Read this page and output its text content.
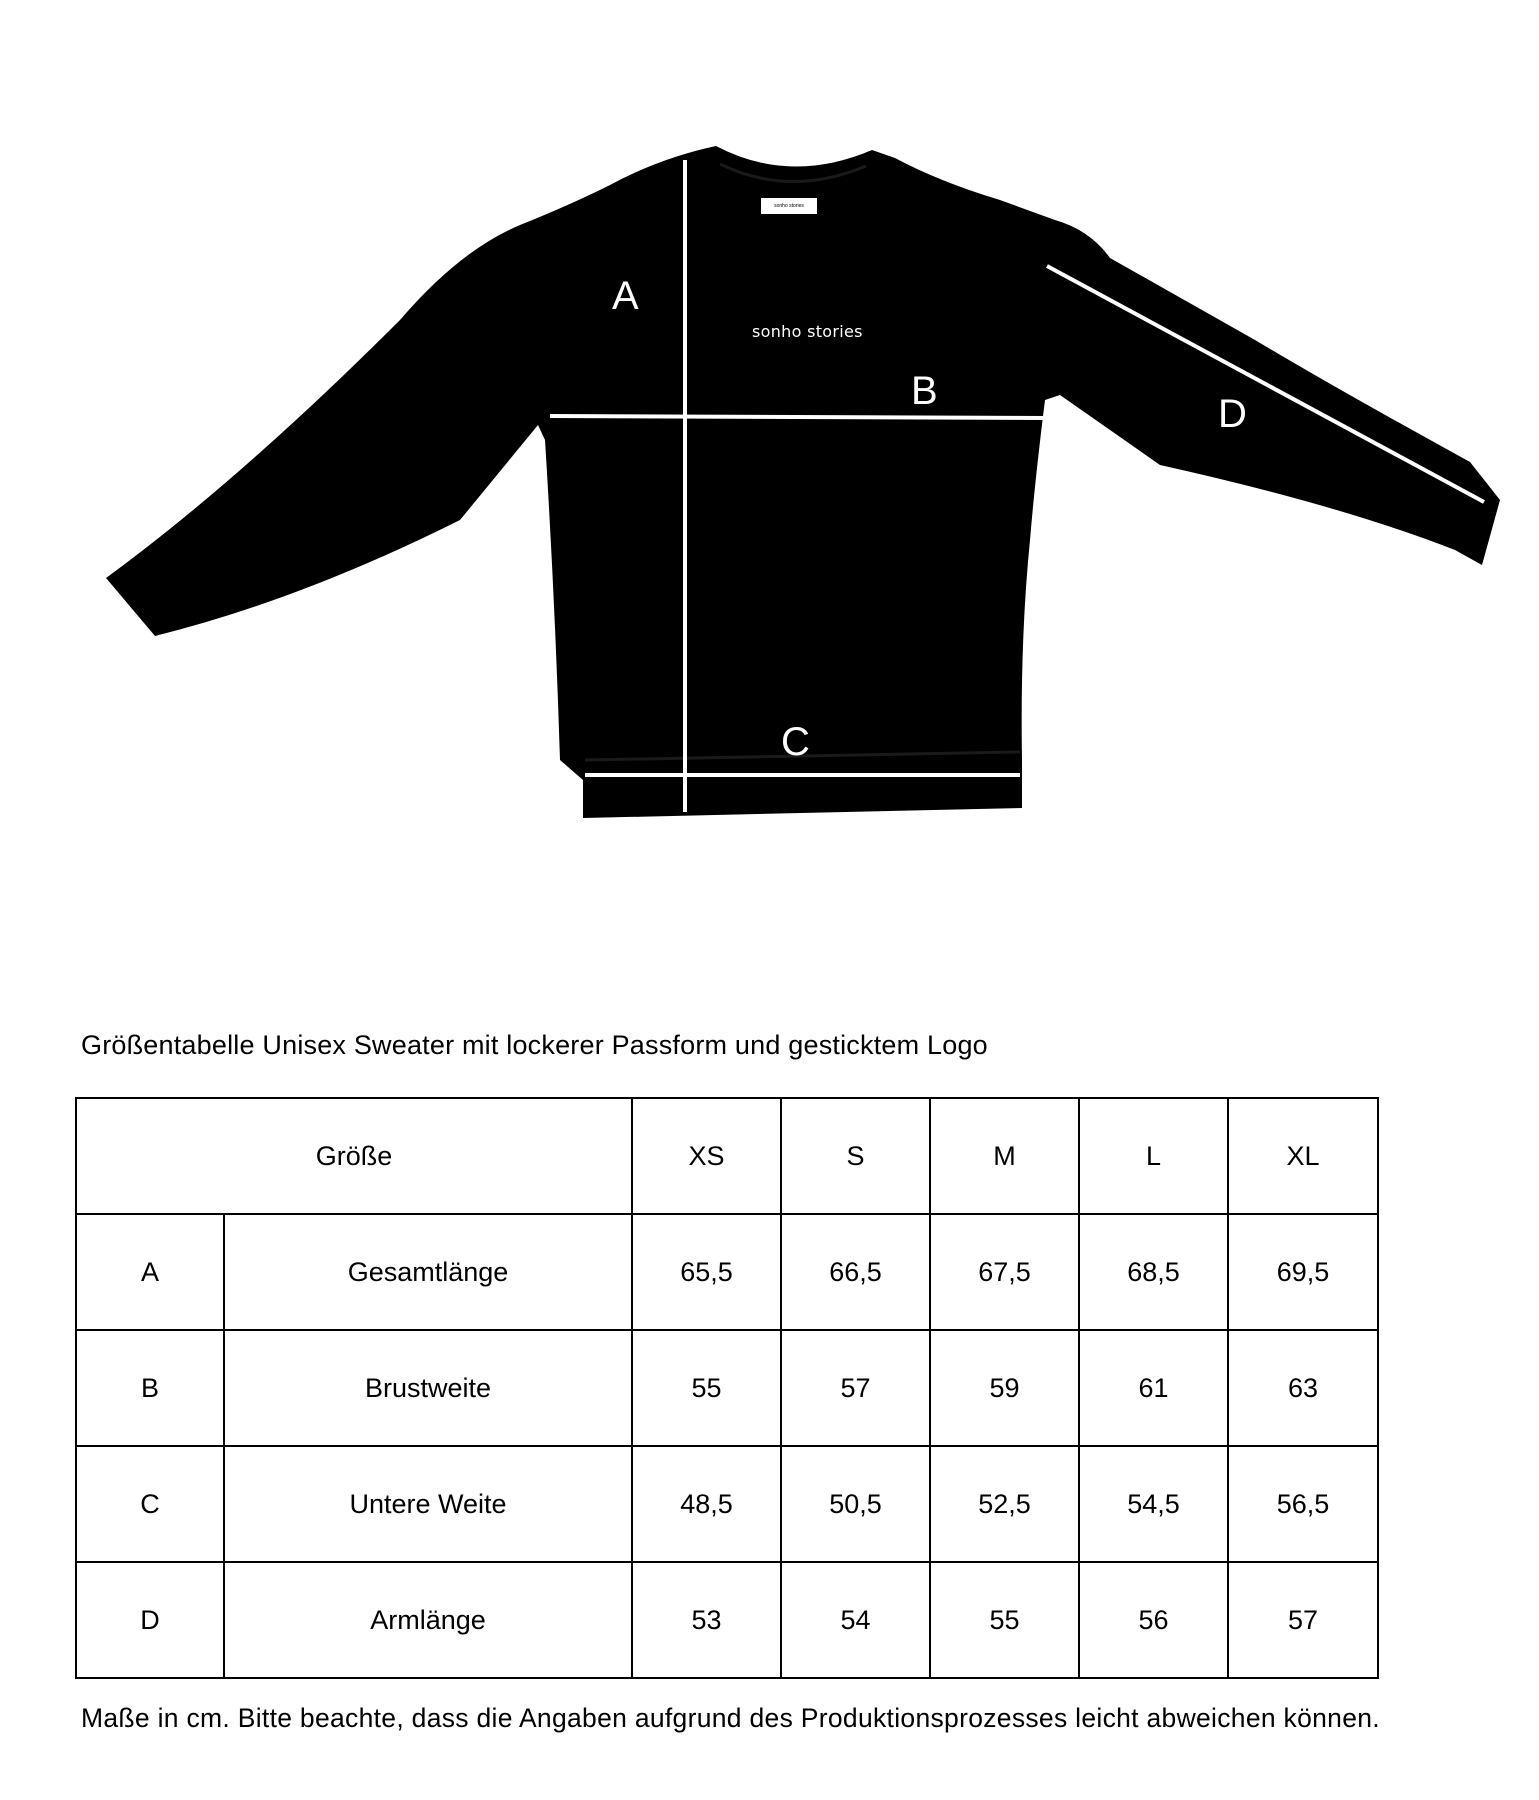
sonho stories
sonho stories
A
B
C
D
Größentabelle Unisex Sweater mit lockerer Passform und gesticktem Logo
Größe		XS	S	M	L	XL
A	Gesamtlänge	65,5	66,5	67,5	68,5	69,5
B	Brustweite	55	57	59	61	63
C	Untere Weite	48,5	50,5	52,5	54,5	56,5
D	Armlänge	53	54	55	56	57
Maße in cm. Bitte beachte, dass die Angaben aufgrund des Produktionsprozesses leicht abweichen können.
